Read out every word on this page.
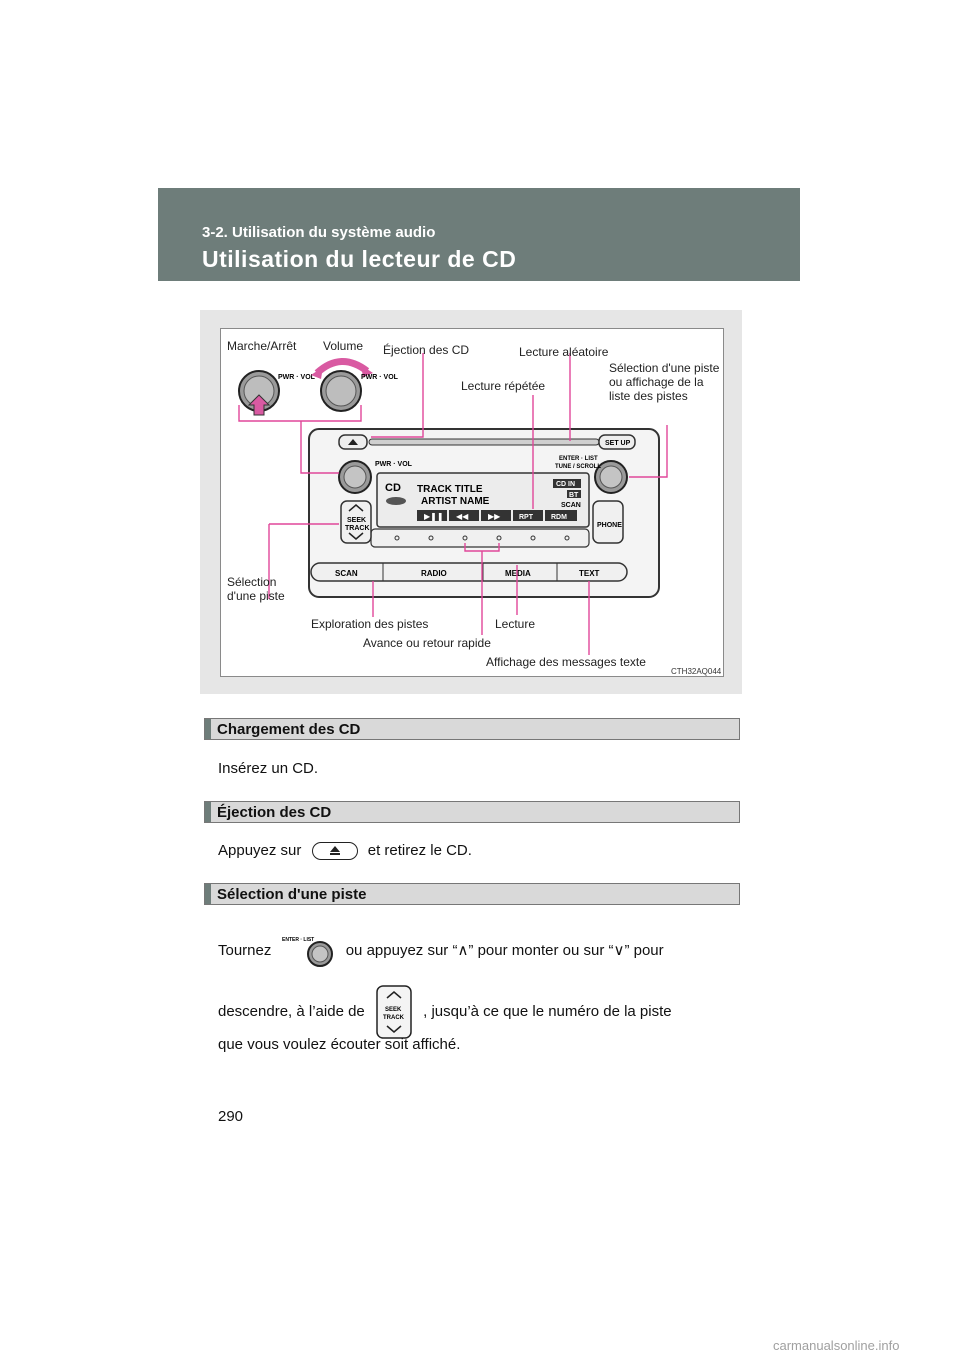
3-2. Utilisation du système audio
Utilisation du lecteur de CD
PWR · VOL	PWR · VOL
SET UP
PWR · VOL
ENTER · LIST
TUNE / SCROLL
CD TRACK TITLE
ARTIST NAME
CD IN
BT
SCAN
▶❚❚ ◀◀ ▶▶	RPT	RDM
SEEK
TRACK	PHONE
SCAN	RADIO	MEDIA	TEXT
Marche/Arrêt Volume Éjection des CD	Lecture aléatoire
Lecture répétée
Sélection d'une piste ou affichage de la liste des pistes
Sélection d'une piste
Exploration des pistes	Lecture
Avance ou retour rapide
Affichage des messages texte
CTH32AQ044
Chargement des CD
Insérez un CD.
Éjection des CD
Appuyez sur	et retirez le CD.
Sélection d'une piste
Tournez
ENTER · LIST
ou appuyez sur “∧” pour monter ou sur “∨” pour
descendre, à l’aide de	SEEK
TRACK , jusqu’à ce que le numéro de la piste
que vous voulez écouter soit affiché.
290
carmanualsonline.info
